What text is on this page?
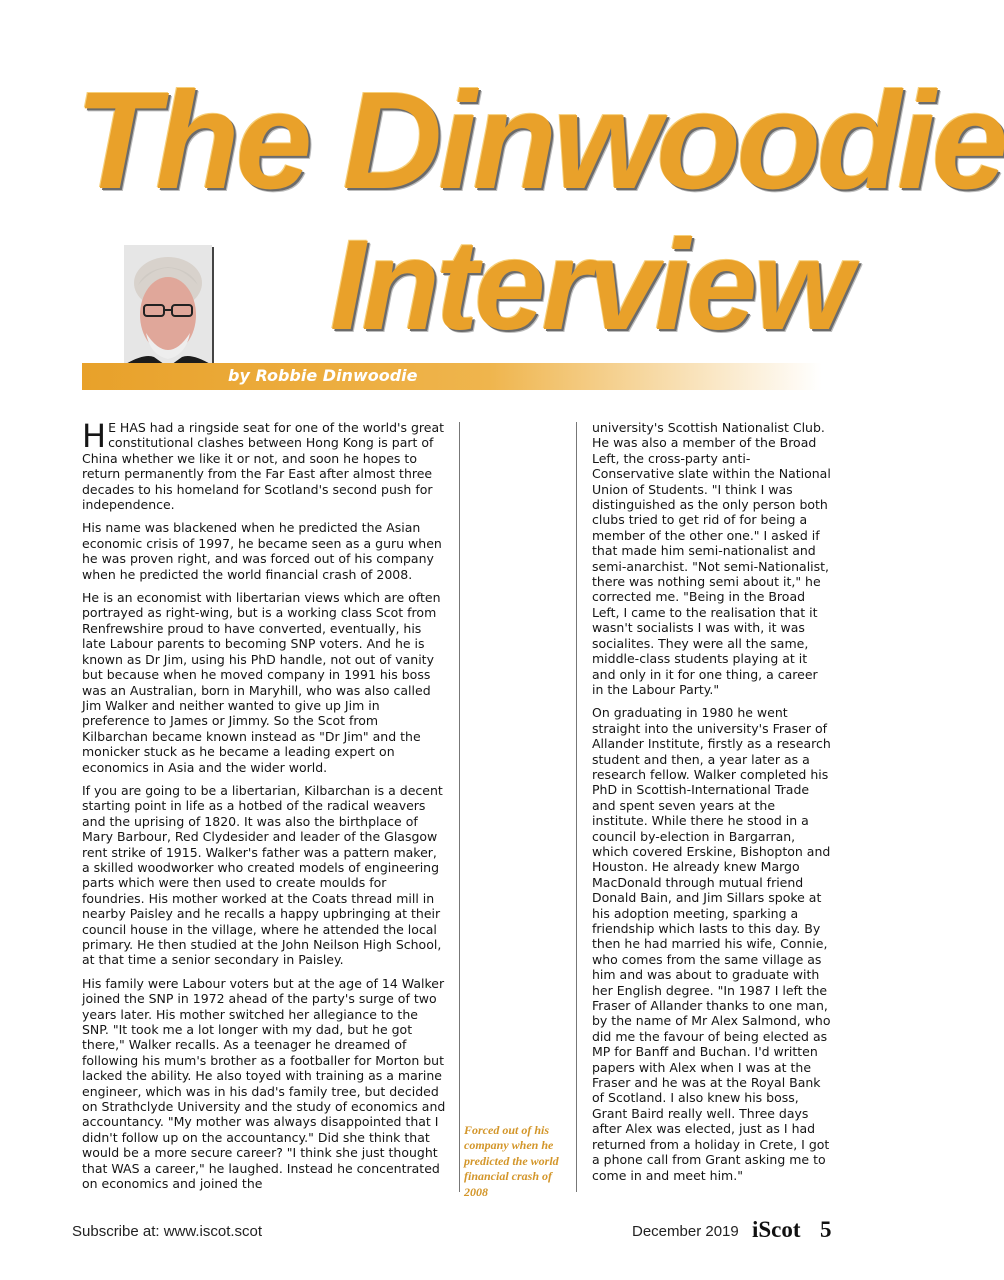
The Dinwoodie
Interview
by Robbie Dinwoodie

H E HAS had a ringside seat for one of the world's great constitutional clashes between Hong Kong is part of China whether we like it or not, and soon he hopes to return permanently from the Far East after almost three decades to his homeland for Scotland's second push for independence.

His name was blackened when he predicted the Asian economic crisis of 1997, he became seen as a guru when he was proven right, and was forced out of his company when he predicted the world financial crash of 2008.

He is an economist with libertarian views which are often portrayed as right-wing, but is a working class Scot from Renfrewshire proud to have converted, eventually, his late Labour parents to becoming SNP voters. And he is known as Dr Jim, using his PhD handle, not out of vanity but because when he moved company in 1991 his boss was an Australian, born in Maryhill, who was also called Jim Walker and neither wanted to give up Jim in preference to James or Jimmy. So the Scot from Kilbarchan became known instead as "Dr Jim" and the monicker stuck as he became a leading expert on economics in Asia and the wider world.

If you are going to be a libertarian, Kilbarchan is a decent starting point in life as a hotbed of the radical weavers and the uprising of 1820. It was also the birthplace of Mary Barbour, Red Clydesider and leader of the Glasgow rent strike of 1915. Walker's father was a pattern maker, a skilled woodworker who created models of engineering parts which were then used to create moulds for foundries. His mother worked at the Coats thread mill in nearby Paisley and he recalls a happy upbringing at their council house in the village, where he attended the local primary. He then studied at the John Neilson High School, at that time a senior secondary in Paisley.

His family were Labour voters but at the age of 14 Walker joined the SNP in 1972 ahead of the party's surge of two years later. His mother switched her allegiance to the SNP. "It took me a lot longer with my dad, but he got there," Walker recalls. As a teenager he dreamed of following his mum's brother as a footballer for Morton but lacked the ability. He also toyed with training as a marine engineer, which was in his dad's family tree, but decided on Strathclyde University and the study of economics and accountancy. "My mother was always disappointed that I didn't follow up on the accountancy." Did she think that would be a more secure career? "I think she just thought that WAS a career," he laughed. Instead he concentrated on economics and joined the

Forced out of his company when he predicted the world financial crash of 2008

university's Scottish Nationalist Club. He was also a member of the Broad Left, the cross-party anti-Conservative slate within the National Union of Students. "I think I was distinguished as the only person both clubs tried to get rid of for being a member of the other one." I asked if that made him semi-nationalist and semi-anarchist. "Not semi-Nationalist, there was nothing semi about it," he corrected me. "Being in the Broad Left, I came to the realisation that it wasn't socialists I was with, it was socialites. They were all the same, middle-class students playing at it and only in it for one thing, a career in the Labour Party."

On graduating in 1980 he went straight into the university's Fraser of Allander Institute, firstly as a research student and then, a year later as a research fellow. Walker completed his PhD in Scottish-International Trade and spent seven years at the institute. While there he stood in a council by-election in Bargarran, which covered Erskine, Bishopton and Houston. He already knew Margo MacDonald through mutual friend Donald Bain, and Jim Sillars spoke at his adoption meeting, sparking a friendship which lasts to this day. By then he had married his wife, Connie, who comes from the same village as him and was about to graduate with her English degree. "In 1987 I left the Fraser of Allander thanks to one man, by the name of Mr Alex Salmond, who did me the favour of being elected as MP for Banff and Buchan. I'd written papers with Alex when I was at the Fraser and he was at the Royal Bank of Scotland. I also knew his boss, Grant Baird really well. Three days after Alex was elected, just as I had returned from a holiday in Crete, I got a phone call from Grant asking me to come in and meet him."

Subscribe at: www.iscot.scot	December 2019 iScot 5
